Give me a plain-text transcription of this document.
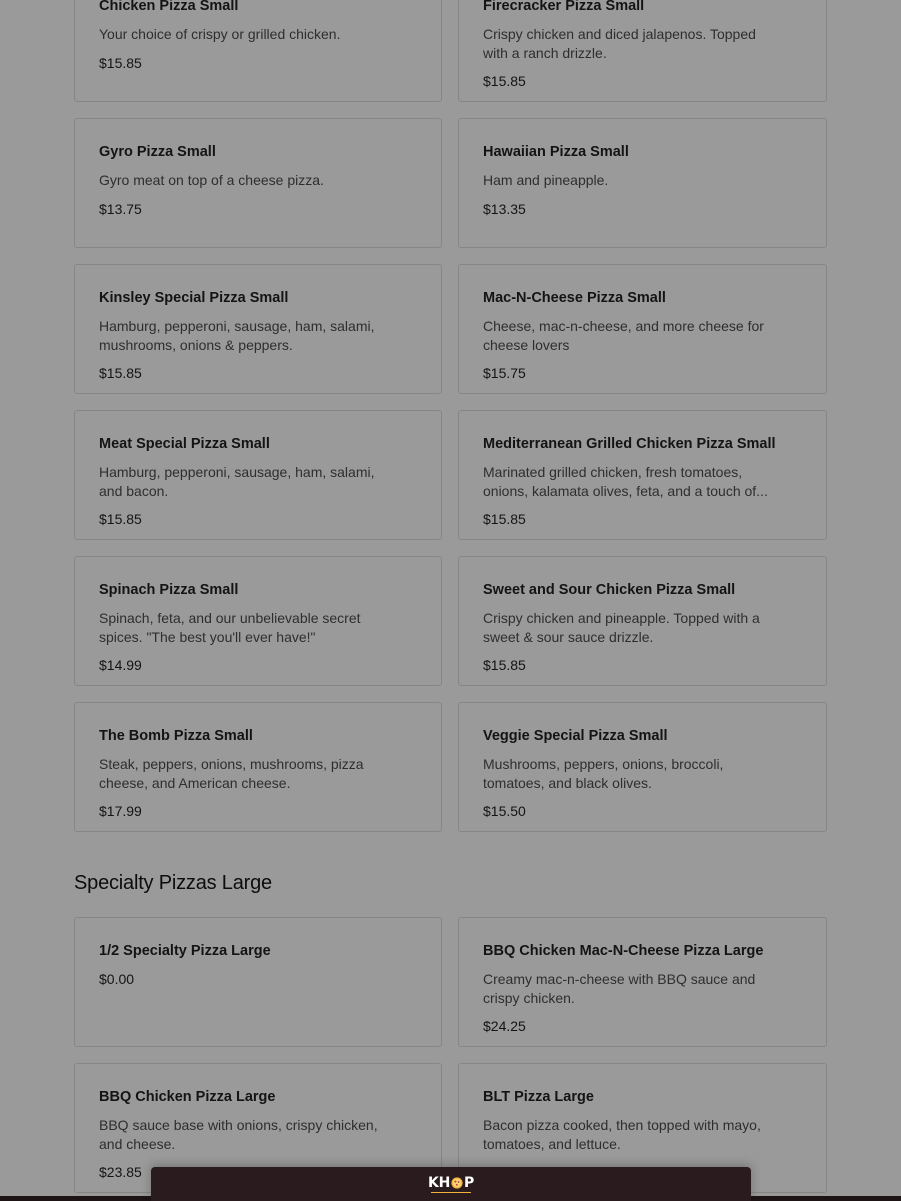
Chicken Pizza Small
Your choice of crispy or grilled chicken.
$15.85
Firecracker Pizza Small
Crispy chicken and diced jalapenos. Topped with a ranch drizzle.
$15.85
Gyro Pizza Small
Gyro meat on top of a cheese pizza.
$13.75
Hawaiian Pizza Small
Ham and pineapple.
$13.35
Kinsley Special Pizza Small
Hamburg, pepperoni, sausage, ham, salami, mushrooms, onions & peppers.
$15.85
Mac-N-Cheese Pizza Small
Cheese, mac-n-cheese, and more cheese for cheese lovers
$15.75
Meat Special Pizza Small
Hamburg, pepperoni, sausage, ham, salami, and bacon.
$15.85
Mediterranean Grilled Chicken Pizza Small
Marinated grilled chicken, fresh tomatoes, onions, kalamata olives, feta, and a touch of...
$15.85
Spinach Pizza Small
Spinach, feta, and our unbelievable secret spices. "The best you'll ever have!"
$14.99
Sweet and Sour Chicken Pizza Small
Crispy chicken and pineapple. Topped with a sweet & sour sauce drizzle.
$15.85
The Bomb Pizza Small
Steak, peppers, onions, mushrooms, pizza cheese, and American cheese.
$17.99
Veggie Special Pizza Small
Mushrooms, peppers, onions, broccoli, tomatoes, and black olives.
$15.50
Specialty Pizzas Large
1/2 Specialty Pizza Large
$0.00
BBQ Chicken Mac-N-Cheese Pizza Large
Creamy mac-n-cheese with BBQ sauce and crispy chicken.
$24.25
BBQ Chicken Pizza Large
BBQ sauce base with onions, crispy chicken, and cheese.
$23.85
BLT Pizza Large
Bacon pizza cooked, then topped with mayo, tomatoes, and lettuce.
KH P
